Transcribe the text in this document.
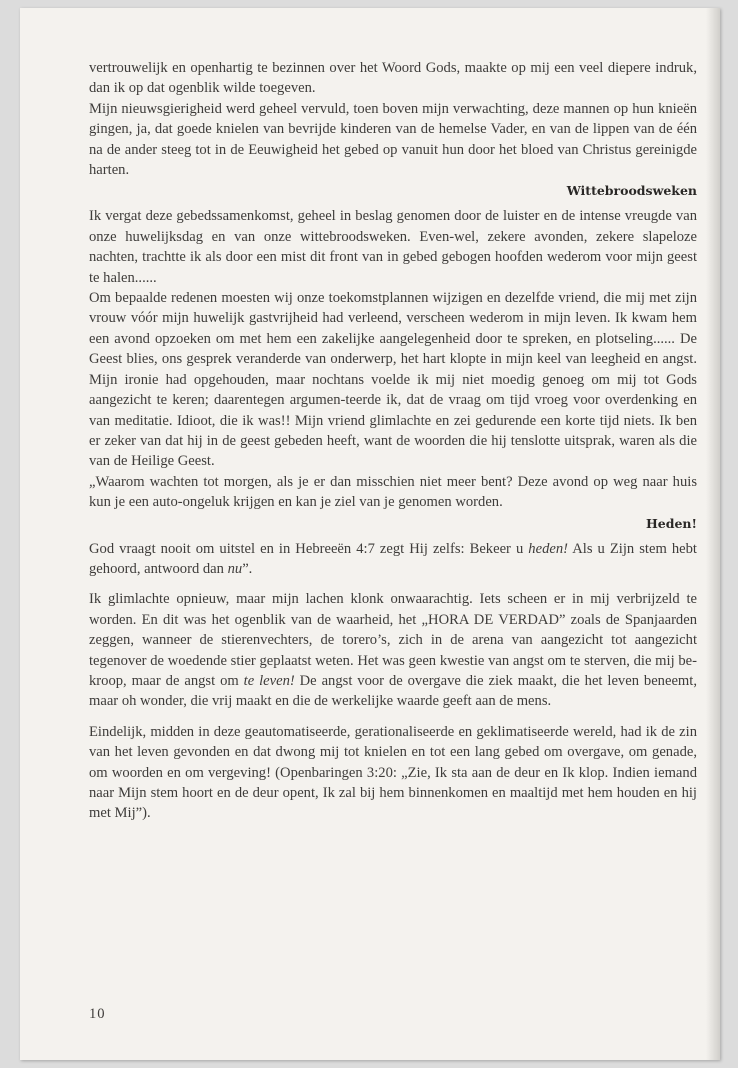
vertrouwelijk en openhartig te bezinnen over het Woord Gods, maakte op mij een veel diepere indruk, dan ik op dat ogenblik wilde toegeven.

Mijn nieuwsgierigheid werd geheel vervuld, toen boven mijn verwachting, deze mannen op hun knieën gingen, ja, dat goede knielen van bevrijde kinderen van de hemelse Vader, en van de lippen van de één na de ander steeg tot in de Eeuwigheid het gebed op vanuit hun door het bloed van Christus gereinigde harten.

Wittebroodsweken

Ik vergat deze gebedssamenkomst, geheel in beslag genomen door de luister en de intense vreugde van onze huwelijksdag en van onze wittebroodsweken. Even-wel, zekere avonden, zekere slapeloze nachten, trachtte ik als door een mist dit front van in gebed gebogen hoofden wederom voor mijn geest te halen......

Om bepaalde redenen moesten wij onze toekomstplannen wijzigen en dezelfde vriend, die mij met zijn vrouw vóór mijn huwelijk gastvrijheid had verleend, verscheen wederom in mijn leven. Ik kwam hem een avond opzoeken om met hem een zakelijke aangelegenheid door te spreken, en plotseling...... De Geest blies, ons gesprek veranderde van onderwerp, het hart klopte in mijn keel van leegheid en angst. Mijn ironie had opgehouden, maar nochtans voelde ik mij niet moedig genoeg om mij tot Gods aangezicht te keren; daarentegen argumen-teerde ik, dat de vraag om tijd vroeg voor overdenking en van meditatie. Idioot, die ik was!! Mijn vriend glimlachte en zei gedurende een korte tijd niets. Ik ben er zeker van dat hij in de geest gebeden heeft, want de woorden die hij tenslotte uitsprak, waren als die van de Heilige Geest.

„Waarom wachten tot morgen, als je er dan misschien niet meer bent? Deze avond op weg naar huis kun je een auto-ongeluk krijgen en kan je ziel van je genomen worden.

Heden!

God vraagt nooit om uitstel en in Hebreeën 4:7 zegt Hij zelfs: Bekeer u heden! Als u Zijn stem hebt gehoord, antwoord dan nu”.

Ik glimlachte opnieuw, maar mijn lachen klonk onwaarachtig. Iets scheen er in mij verbrijzeld te worden. En dit was het ogenblik van de waarheid, het „HORA DE VERDAD” zoals de Spanjaarden zeggen, wanneer de stierenvechters, de torero’s, zich in de arena van aangezicht tot aangezicht tegenover de woedende stier geplaatst weten. Het was geen kwestie van angst om te sterven, die mij be-kroop, maar de angst om te leven! De angst voor de overgave die ziek maakt, die het leven beneemt, maar oh wonder, die vrij maakt en die de werkelijke waarde geeft aan de mens.

Eindelijk, midden in deze geautomatiseerde, gerationaliseerde en geklimatiseerde wereld, had ik de zin van het leven gevonden en dat dwong mij tot knielen en tot een lang gebed om overgave, om genade, om woorden en om vergeving! (Openbaringen 3:20: „Zie, Ik sta aan de deur en Ik klop. Indien iemand naar Mijn stem hoort en de deur opent, Ik zal bij hem binnenkomen en maaltijd met hem houden en hij met Mij”).

10
